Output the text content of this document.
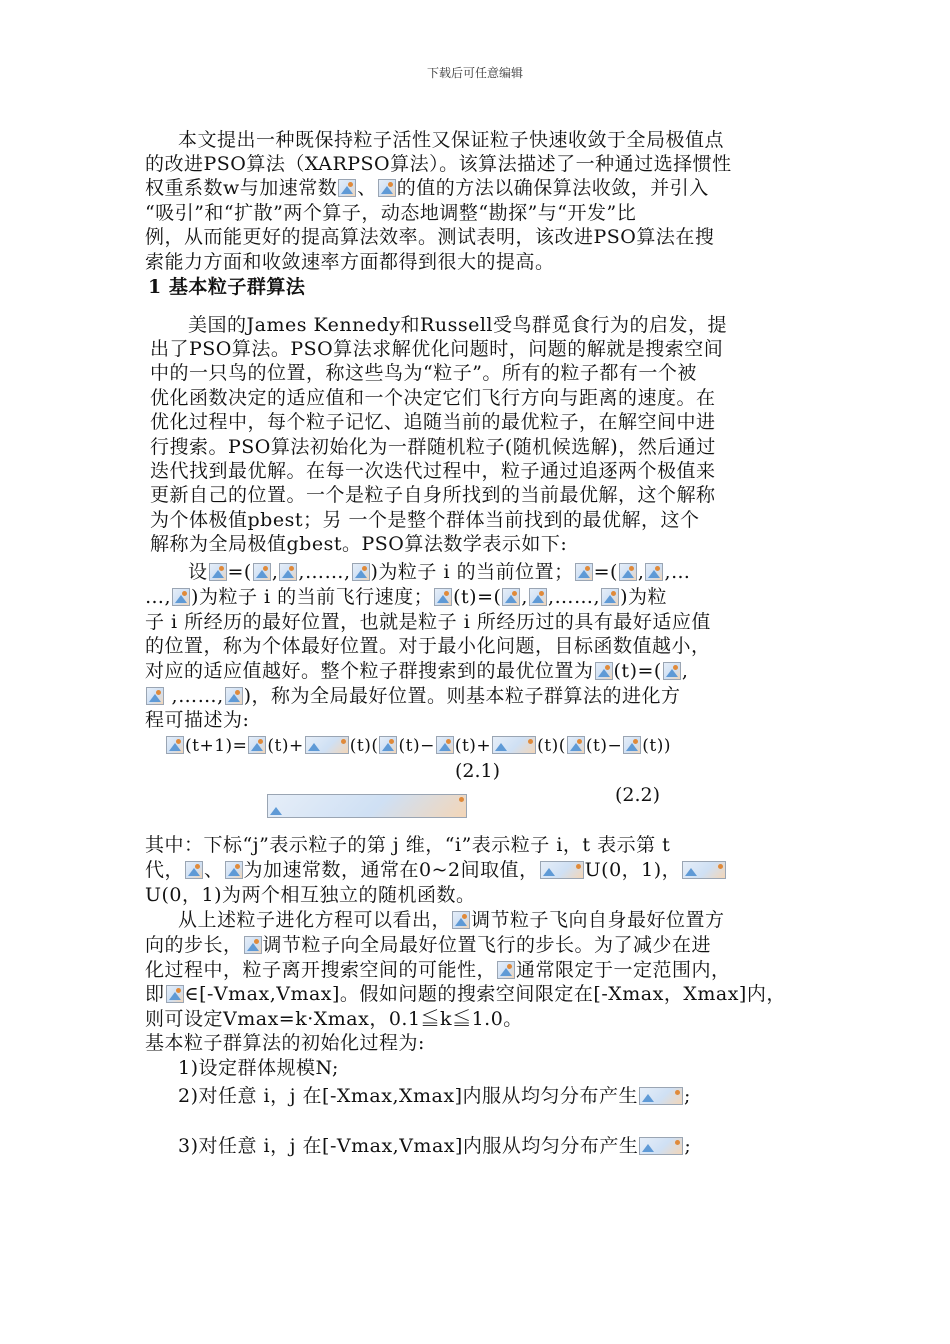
下载后可任意编辑
本文提出一种既保持粒子活性又保证粒子快速收敛于全局极值点
的改进PSO算法（XARPSO算法）。该算法描述了一种通过选择惯性
权重系数w与加速常数 、 的值的方法以确保算法收敛，并引入
“吸引”和“扩散”两个算子，动态地调整“勘探”与“开发”比
例，从而能更好的提高算法效率。测试表明，该改进PSO算法在搜
索能力方面和收敛速率方面都得到很大的提高。
1 基本粒子群算法
美国的James Kennedy和Russell受鸟群觅食行为的启发，提
出了PSO算法。PSO算法求解优化问题时，问题的解就是搜索空间
中的一只鸟的位置，称这些鸟为“粒子”。所有的粒子都有一个被
优化函数决定的适应值和一个决定它们飞行方向与距离的速度。在
优化过程中，每个粒子记忆、追随当前的最优粒子，在解空间中进
行搜索。PSO算法初始化为一群随机粒子(随机候选解)，然后通过
迭代找到最优解。在每一次迭代过程中，粒子通过追逐两个极值来
更新自己的位置。一个是粒子自身所找到的当前最优解，这个解称
为个体极值pbest；另 一个是整个群体当前找到的最优解，这个
解称为全局极值gbest。PSO算法数学表示如下:
设 =( , ,……, )为粒子 i 的当前位置； =( , ,…
…, )为粒子 i 的当前飞行速度； (t)=( , ,……, )为粒
子 i 所经历的最好位置，也就是粒子 i 所经历过的具有最好适应值
的位置，称为个体最好位置。对于最小化问题，目标函数值越小，
对应的适应值越好。整个粒子群搜索到的最优位置为 (t)=( ,
,……, )，称为全局最好位置。则基本粒子群算法的进化方
程可描述为:
(t+1)= (t)+	(t)( (t)− (t)+	(t)( (t)− (t))
(2.1)
(2.2)
其中：下标“j”表示粒子的第 j 维，“i”表示粒子 i，t 表示第 t
代， 、 为加速常数，通常在0~2间取值， U(0，1)，
U(0，1)为两个相互独立的随机函数。
从上述粒子进化方程可以看出， 调节粒子飞向自身最好位置方
向的步长， 调节粒子向全局最好位置飞行的步长。为了减少在进
化过程中，粒子离开搜索空间的可能性， 通常限定于一定范围内，
即 ∈[-Vmax,Vmax]。假如问题的搜索空间限定在[-Xmax，Xmax]内，
则可设定Vmax=k·Xmax，0.1≦k≦1.0。
基本粒子群算法的初始化过程为:
1)设定群体规模N;
2)对任意 i，j 在[-Xmax,Xmax]内服从均匀分布产生 ;
3)对任意 i，j 在[-Vmax,Vmax]内服从均匀分布产生 ;
